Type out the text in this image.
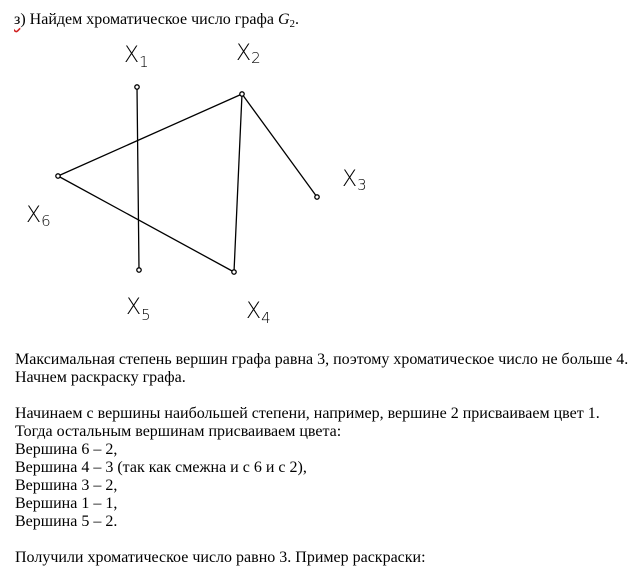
з) Найдем хроматическое число графа G2.
$X_1$	X2
X3
$X_4$
$X_5$
X6
Максимальная степень вершин графа равна 3, поэтому хроматическое число не больше 4.
Начнем раскраску графа.
Начинаем с вершины наибольшей степени, например, вершине 2 присваиваем цвет 1.
Тогда остальным вершинам присваиваем цвета:
Вершина 6 – 2,
Вершина 4 – 3 (так как смежна и с 6 и с 2),
Вершина 3 – 2,
Вершина 1 – 1,
Вершина 5 – 2.
Получили хроматическое число равно 3. Пример раскраски:
